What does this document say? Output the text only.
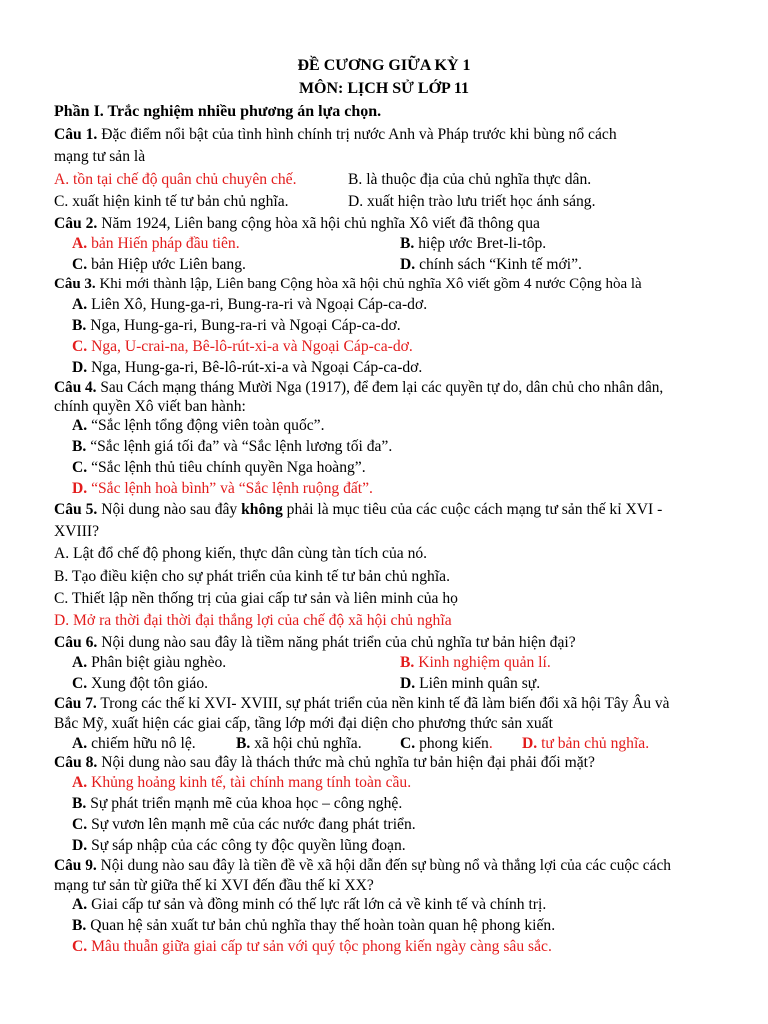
ĐỀ CƯƠNG GIỮA KỲ 1
MÔN: LỊCH SỬ LỚP 11
Phần I. Trắc nghiệm nhiều phương án lựa chọn.
Câu 1. Đặc điểm nổi bật của tình hình chính trị nước Anh và Pháp trước khi bùng nổ cách
mạng tư sản là
A. tồn tại chế độ quân chủ chuyên chế.	B. là thuộc địa của chủ nghĩa thực dân.
C. xuất hiện kinh tế tư bản chủ nghĩa.	D. xuất hiện trào lưu triết học ánh sáng.
Câu 2. Năm 1924, Liên bang cộng hòa xã hội chủ nghĩa Xô viết đã thông qua
A. bản Hiến pháp đầu tiên.	B. hiệp ước Bret-li-tôp.
C. bản Hiệp ước Liên bang.	D. chính sách “Kinh tế mới”.
Câu 3. Khi mới thành lập, Liên bang Cộng hòa xã hội chủ nghĩa Xô viết gồm 4 nước Cộng hòa là
A. Liên Xô, Hung-ga-ri, Bung-ra-ri và Ngoại Cáp-ca-dơ.
B. Nga, Hung-ga-ri, Bung-ra-ri và Ngoại Cáp-ca-dơ.
C. Nga, U-crai-na, Bê-lô-rút-xi-a và Ngoại Cáp-ca-dơ.
D. Nga, Hung-ga-ri, Bê-lô-rút-xi-a và Ngoại Cáp-ca-dơ.
Câu 4. Sau Cách mạng tháng Mười Nga (1917), để đem lại các quyền tự do, dân chủ cho nhân dân,
chính quyền Xô viết ban hành:
A. “Sắc lệnh tổng động viên toàn quốc”.
B. “Sắc lệnh giá tối đa” và “Sắc lệnh lương tối đa”.
C. “Sắc lệnh thủ tiêu chính quyền Nga hoàng”.
D. “Sắc lệnh hoà bình” và “Sắc lệnh ruộng đất”.
Câu 5. Nội dung nào sau đây không phải là mục tiêu của các cuộc cách mạng tư sản thế kỉ XVI -
XVIII?
A. Lật đổ chế độ phong kiến, thực dân cùng tàn tích của nó.
B. Tạo điều kiện cho sự phát triển của kinh tế tư bản chủ nghĩa.
C. Thiết lập nền thống trị của giai cấp tư sản và liên minh của họ
D. Mở ra thời đại thời đại thắng lợi của chế độ xã hội chủ nghĩa
Câu 6. Nội dung nào sau đây là tiềm năng phát triển của chủ nghĩa tư bản hiện đại?
A. Phân biệt giàu nghèo.	B. Kinh nghiệm quản lí.
C. Xung đột tôn giáo.	D. Liên minh quân sự.
Câu 7. Trong các thế kỉ XVI- XVIII, sự phát triển của nền kinh tế đã làm biến đổi xã hội Tây Âu và
Bắc Mỹ, xuất hiện các giai cấp, tầng lớp mới đại diện cho phương thức sản xuất
A. chiếm hữu nô lệ.	B. xã hội chủ nghĩa. C. phong kiến. D. tư bản chủ nghĩa.
Câu 8. Nội dung nào sau đây là thách thức mà chủ nghĩa tư bản hiện đại phải đối mặt?
A. Khủng hoảng kinh tế, tài chính mang tính toàn cầu.
B. Sự phát triển mạnh mẽ của khoa học – công nghệ.
C. Sự vươn lên mạnh mẽ của các nước đang phát triển.
D. Sự sáp nhập của các công ty độc quyền lũng đoạn.
Câu 9. Nội dung nào sau đây là tiền đề về xã hội dẫn đến sự bùng nổ và thắng lợi của các cuộc cách
mạng tư sản từ giữa thế kỉ XVI đến đầu thế kỉ XX?
A. Giai cấp tư sản và đồng minh có thế lực rất lớn cả về kinh tế và chính trị.
B. Quan hệ sản xuất tư bản chủ nghĩa thay thế hoàn toàn quan hệ phong kiến.
C. Mâu thuẫn giữa giai cấp tư sản với quý tộc phong kiến ngày càng sâu sắc.
